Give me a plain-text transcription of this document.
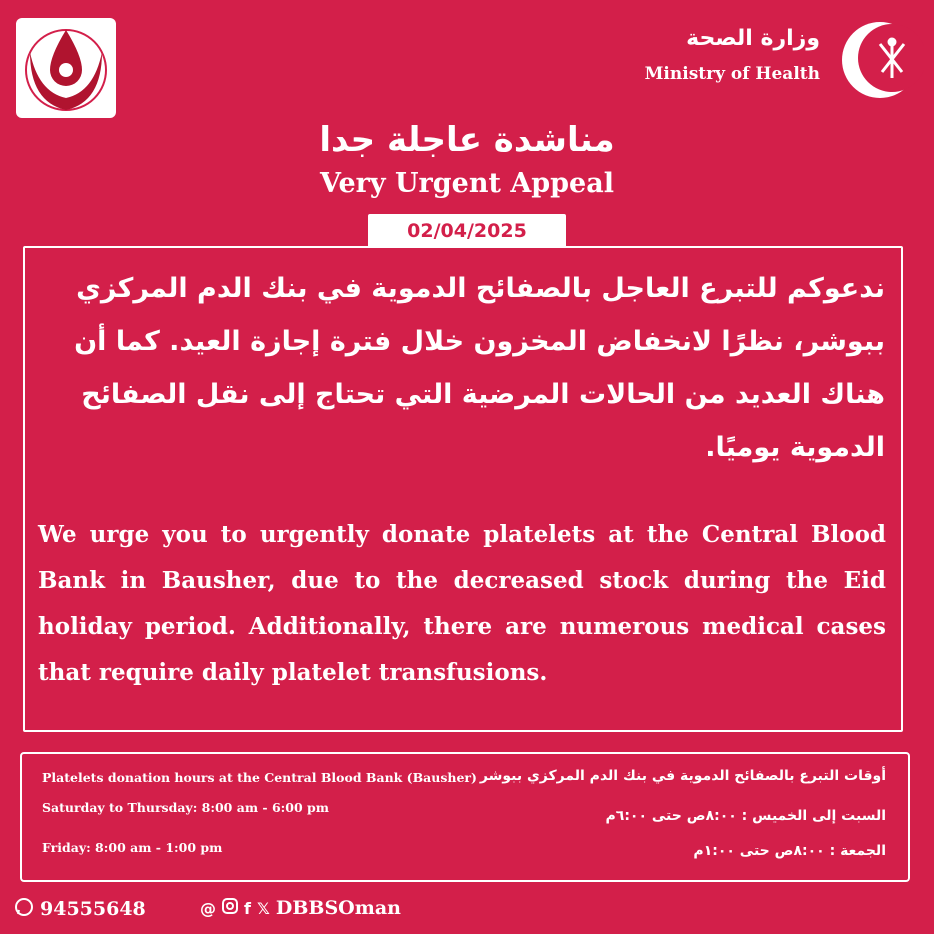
وزارة الصحة
Ministry of Health
مناشدة عاجلة جدا
Very Urgent Appeal
02/04/2025
ندعوكم للتبرع العاجل بالصفائح الدموية في بنك الدم المركزي ببوشر، نظرًا لانخفاض المخزون خلال فترة إجازة العيد. كما أن هناك العديد من الحالات المرضية التي تحتاج إلى نقل الصفائح الدموية يوميًا.
We urge you to urgently donate platelets at the Central Blood Bank in Bausher, due to the decreased stock during the Eid holiday period. Additionally, there are numerous medical cases that require daily platelet transfusions.
Platelets donation hours at the Central Blood Bank (Bausher)
Saturday to Thursday: 8:00 am - 6:00 pm
Friday: 8:00 am - 1:00 pm
أوقات التبرع بالصفائح الدموية في بنك الدم المركزي ببوشر
السبت إلى الخميس : ٨:٠٠ص حتى ٦:٠٠م
الجمعة : ٨:٠٠ص حتى ١:٠٠م
94555648	@ f 𝕏 DBBSOman
